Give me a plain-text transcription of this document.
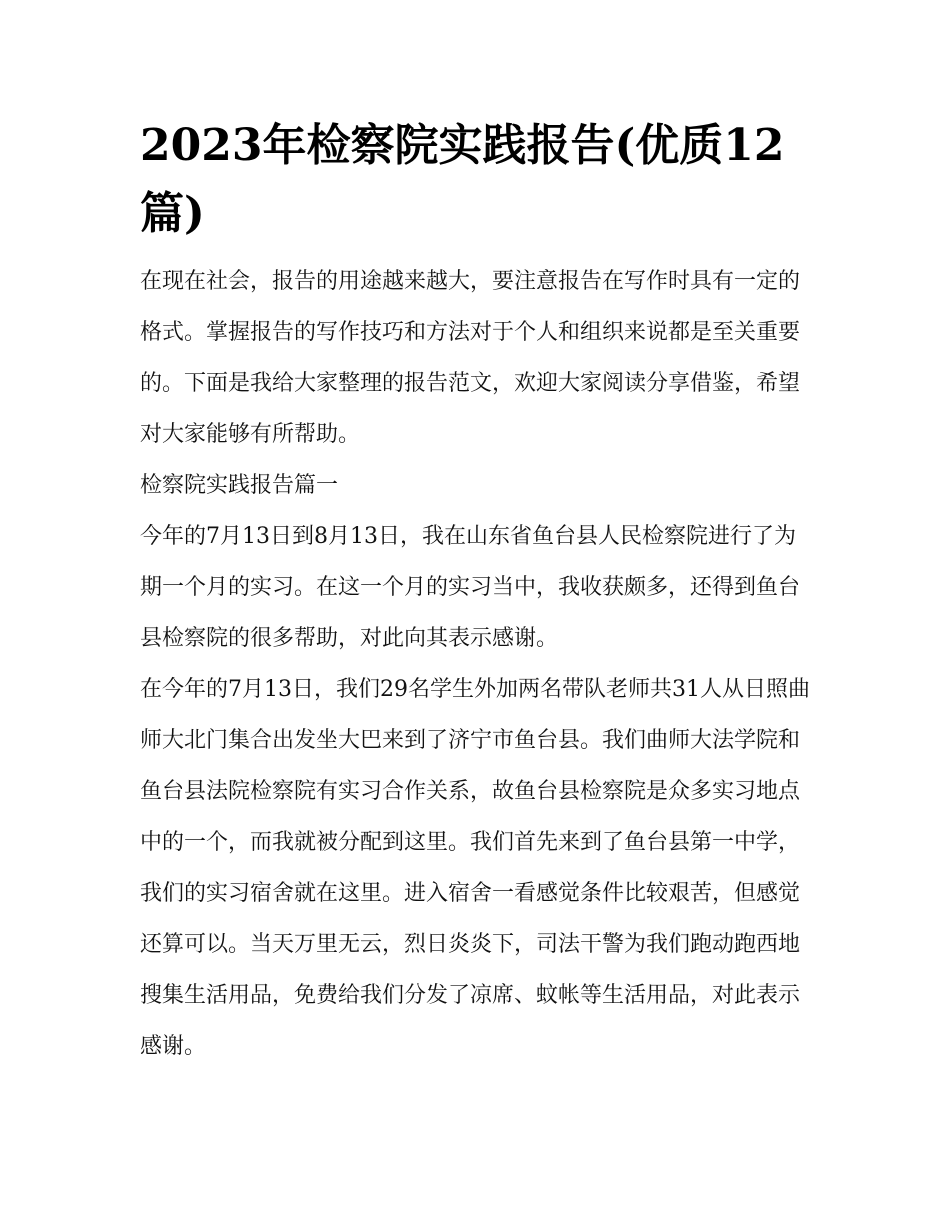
2023年检察院实践报告(优质12篇)

在现在社会，报告的用途越来越大，要注意报告在写作时具有一定的格式。掌握报告的写作技巧和方法对于个人和组织来说都是至关重要的。下面是我给大家整理的报告范文，欢迎大家阅读分享借鉴，希望对大家能够有所帮助。

检察院实践报告篇一

今年的7月13日到8月13日，我在山东省鱼台县人民检察院进行了为期一个月的实习。在这一个月的实习当中，我收获颇多，还得到鱼台县检察院的很多帮助，对此向其表示感谢。

在今年的7月13日，我们29名学生外加两名带队老师共31人从日照曲师大北门集合出发坐大巴来到了济宁市鱼台县。我们曲师大法学院和鱼台县法院检察院有实习合作关系，故鱼台县检察院是众多实习地点中的一个，而我就被分配到这里。我们首先来到了鱼台县第一中学，我们的实习宿舍就在这里。进入宿舍一看感觉条件比较艰苦，但感觉还算可以。当天万里无云，烈日炎炎下，司法干警为我们跑动跑西地搜集生活用品，免费给我们分发了凉席、蚊帐等生活用品，对此表示感谢。
